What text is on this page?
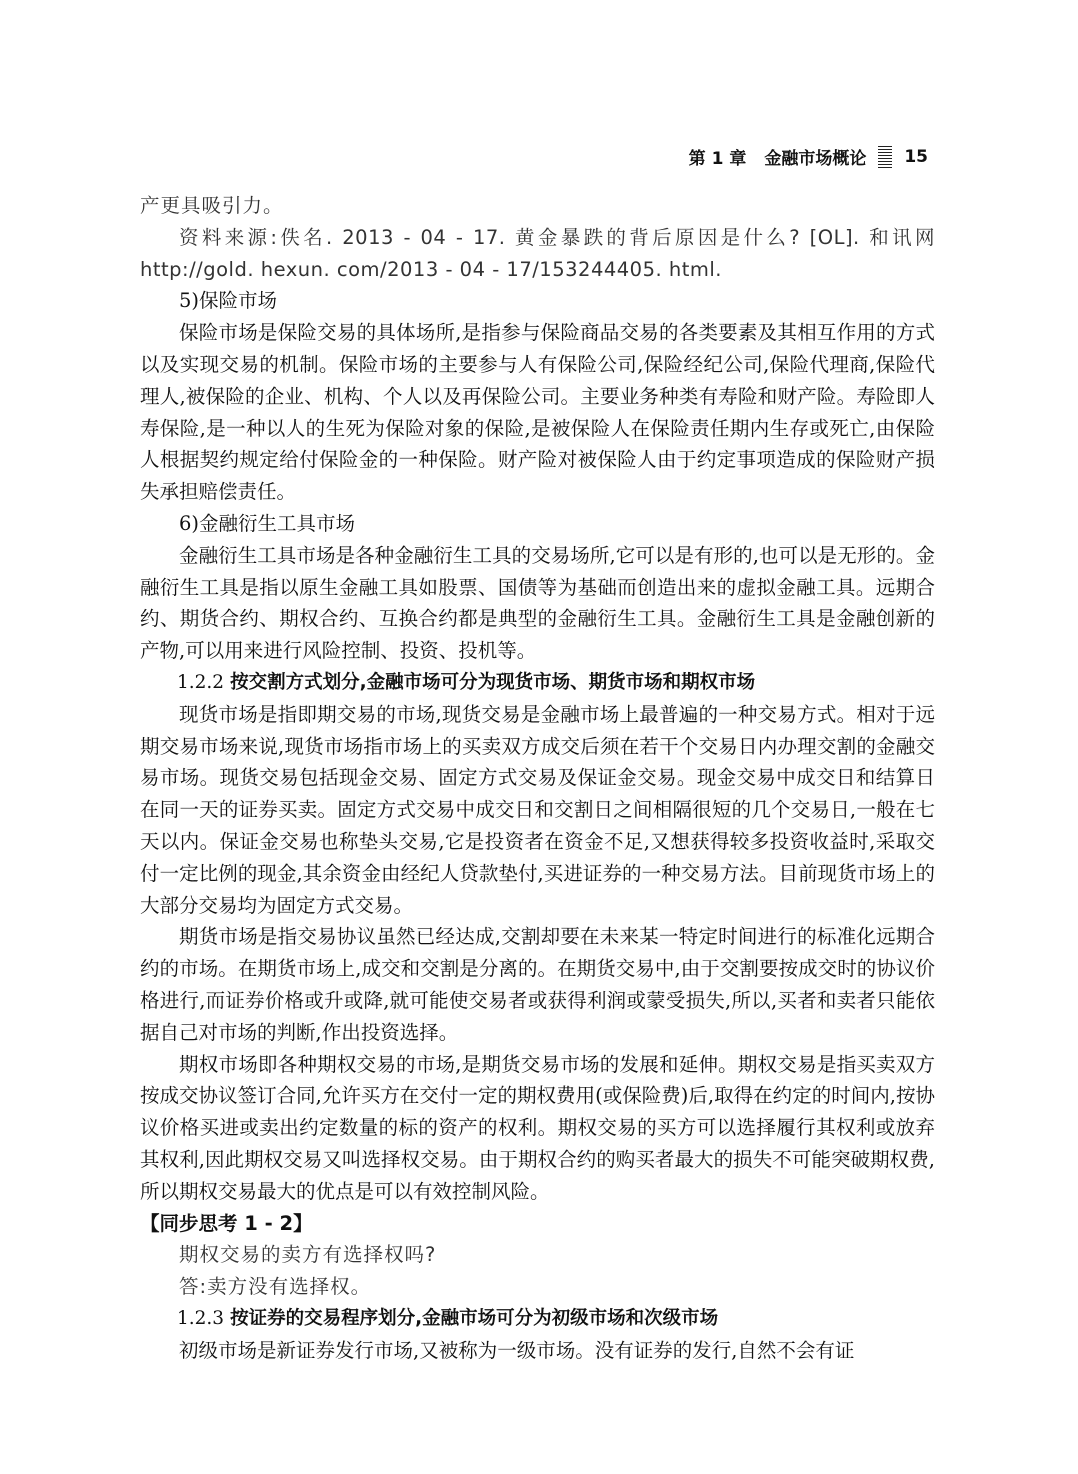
第 1 章 金融市场概论 15

产更具吸引力。

资料来源:佚名. 2013 - 04 - 17. 黄金暴跌的背后原因是什么? [OL]. 和讯网 http://gold. hexun. com/2013 - 04 - 17/153244405. html.

5)保险市场

保险市场是保险交易的具体场所,是指参与保险商品交易的各类要素及其相互作用的方式以及实现交易的机制。保险市场的主要参与人有保险公司,保险经纪公司,保险代理商,保险代理人,被保险的企业、机构、个人以及再保险公司。主要业务种类有寿险和财产险。寿险即人寿保险,是一种以人的生死为保险对象的保险,是被保险人在保险责任期内生存或死亡,由保险人根据契约规定给付保险金的一种保险。财产险对被保险人由于约定事项造成的保险财产损失承担赔偿责任。

6)金融衍生工具市场

金融衍生工具市场是各种金融衍生工具的交易场所,它可以是有形的,也可以是无形的。金融衍生工具是指以原生金融工具如股票、国债等为基础而创造出来的虚拟金融工具。远期合约、期货合约、期权合约、互换合约都是典型的金融衍生工具。金融衍生工具是金融创新的产物,可以用来进行风险控制、投资、投机等。

1.2.2 按交割方式划分,金融市场可分为现货市场、期货市场和期权市场

现货市场是指即期交易的市场,现货交易是金融市场上最普遍的一种交易方式。相对于远期交易市场来说,现货市场指市场上的买卖双方成交后须在若干个交易日内办理交割的金融交易市场。现货交易包括现金交易、固定方式交易及保证金交易。现金交易中成交日和结算日在同一天的证券买卖。固定方式交易中成交日和交割日之间相隔很短的几个交易日,一般在七天以内。保证金交易也称垫头交易,它是投资者在资金不足,又想获得较多投资收益时,采取交付一定比例的现金,其余资金由经纪人贷款垫付,买进证券的一种交易方法。目前现货市场上的大部分交易均为固定方式交易。

期货市场是指交易协议虽然已经达成,交割却要在未来某一特定时间进行的标准化远期合约的市场。在期货市场上,成交和交割是分离的。在期货交易中,由于交割要按成交时的协议价格进行,而证券价格或升或降,就可能使交易者或获得利润或蒙受损失,所以,买者和卖者只能依据自己对市场的判断,作出投资选择。

期权市场即各种期权交易的市场,是期货交易市场的发展和延伸。期权交易是指买卖双方按成交协议签订合同,允许买方在交付一定的期权费用(或保险费)后,取得在约定的时间内,按协议价格买进或卖出约定数量的标的资产的权利。期权交易的买方可以选择履行其权利或放弃其权利,因此期权交易又叫选择权交易。由于期权合约的购买者最大的损失不可能突破期权费,所以期权交易最大的优点是可以有效控制风险。

【同步思考 1 - 2】

期权交易的卖方有选择权吗?

答:卖方没有选择权。

1.2.3 按证券的交易程序划分,金融市场可分为初级市场和次级市场

初级市场是新证券发行市场,又被称为一级市场。没有证券的发行,自然不会有证
